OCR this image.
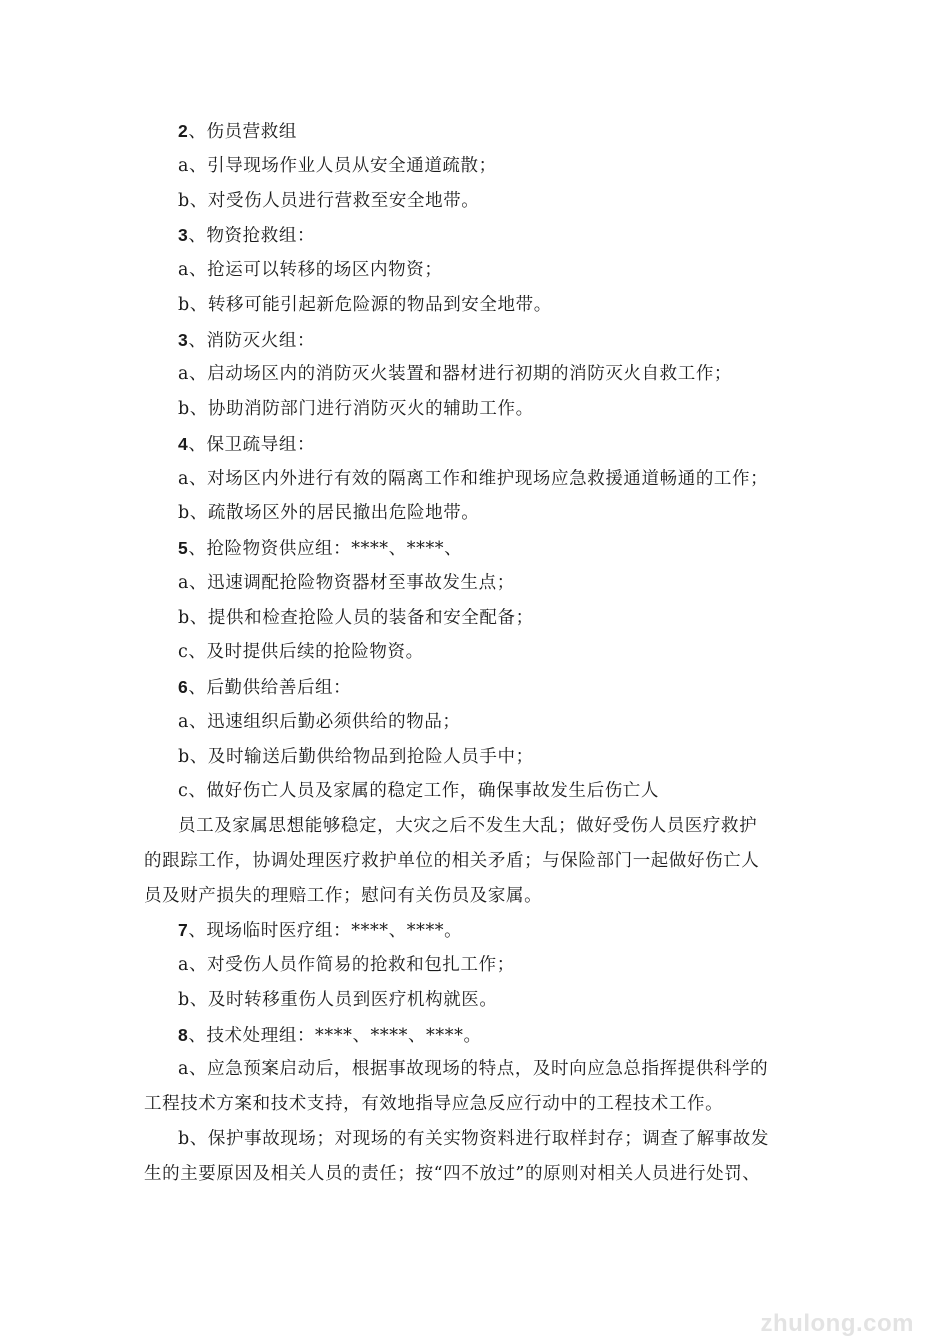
2、伤员营救组
a、引导现场作业人员从安全通道疏散；
b、对受伤人员进行营救至安全地带。
3、物资抢救组：
a、抢运可以转移的场区内物资；
b、转移可能引起新危险源的物品到安全地带。
3、消防灭火组：
a、启动场区内的消防灭火装置和器材进行初期的消防灭火自救工作；
b、协助消防部门进行消防灭火的辅助工作。
4、保卫疏导组：
a、对场区内外进行有效的隔离工作和维护现场应急救援通道畅通的工作；
b、疏散场区外的居民撤出危险地带。
5、抢险物资供应组：****、****、
a、迅速调配抢险物资器材至事故发生点；
b、提供和检查抢险人员的装备和安全配备；
c、及时提供后续的抢险物资。
6、后勤供给善后组：
a、迅速组织后勤必须供给的物品；
b、及时输送后勤供给物品到抢险人员手中；
c、做好伤亡人员及家属的稳定工作，确保事故发生后伤亡人
员工及家属思想能够稳定，大灾之后不发生大乱；做好受伤人员医疗救护
的跟踪工作，协调处理医疗救护单位的相关矛盾；与保险部门一起做好伤亡人
员及财产损失的理赔工作；慰问有关伤员及家属。
7、现场临时医疗组：****、****。
a、对受伤人员作简易的抢救和包扎工作；
b、及时转移重伤人员到医疗机构就医。
8、技术处理组：****、****、****。
a、应急预案启动后，根据事故现场的特点，及时向应急总指挥提供科学的
工程技术方案和技术支持，有效地指导应急反应行动中的工程技术工作。
b、保护事故现场；对现场的有关实物资料进行取样封存；调查了解事故发
生的主要原因及相关人员的责任；按“四不放过”的原则对相关人员进行处罚、
zhulong.com
